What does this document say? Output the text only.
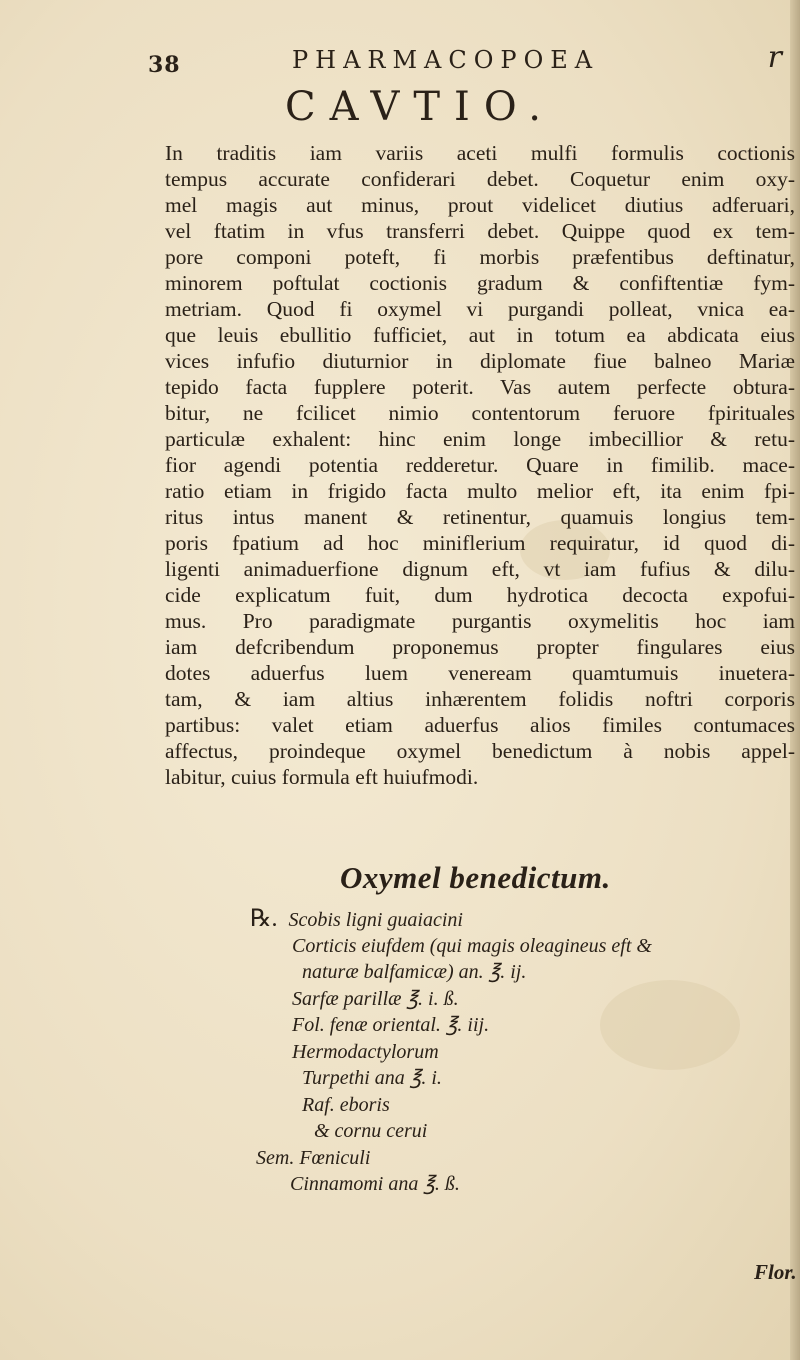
38	PHARMACOPOEA	r
CAVTIO.
In traditis iam variis aceti mulfi formulis coctionis
tempus accurate confiderari debet. Coquetur enim oxy-
mel magis aut minus, prout videlicet diutius adferuari,
vel ftatim in vfus transferri debet. Quippe quod ex tem-
pore componi poteft, fi morbis præfentibus deftinatur,
minorem poftulat coctionis gradum & confiftentiæ fym-
metriam. Quod fi oxymel vi purgandi polleat, vnica ea-
que leuis ebullitio fufficiet, aut in totum ea abdicata eius
vices infufio diuturnior in diplomate fiue balneo Mariæ
tepido facta fupplere poterit. Vas autem perfecte obtura-
bitur, ne fcilicet nimio contentorum feruore fpirituales
particulæ exhalent: hinc enim longe imbecillior & retu-
fior agendi potentia redderetur. Quare in fimilib. mace-
ratio etiam in frigido facta multo melior eft, ita enim fpi-
ritus intus manent & retinentur, quamuis longius tem-
poris fpatium ad hoc miniflerium requiratur, id quod di-
ligenti animaduerfione dignum eft, vt iam fufius & dilu-
cide explicatum fuit, dum hydrotica decocta expofui-
mus. Pro paradigmate purgantis oxymelitis hoc iam
iam defcribendum proponemus propter fingulares eius
dotes aduerfus luem veneream quamtumuis inuetera-
tam, & iam altius inhærentem folidis noftri corporis
partibus: valet etiam aduerfus alios fimiles contumaces
affectus, proindeque oxymel benedictum à nobis appel-
labitur, cuius formula eft huiufmodi.
Oxymel benedictum.
℞. Scobis ligni guaiacini
Corticis eiufdem (qui magis oleagineus eft &
naturæ balfamicæ) an. ℥. ij.
Sarfæ parillæ ℥. i. ß.
Fol. fenæ oriental. ℥. iij.
Hermodactylorum
Turpethi ana ℥. i.
Raf. eboris
& cornu cerui
Sem. Fœniculi
Cinnamomi ana ℥. ß.
Flor.
